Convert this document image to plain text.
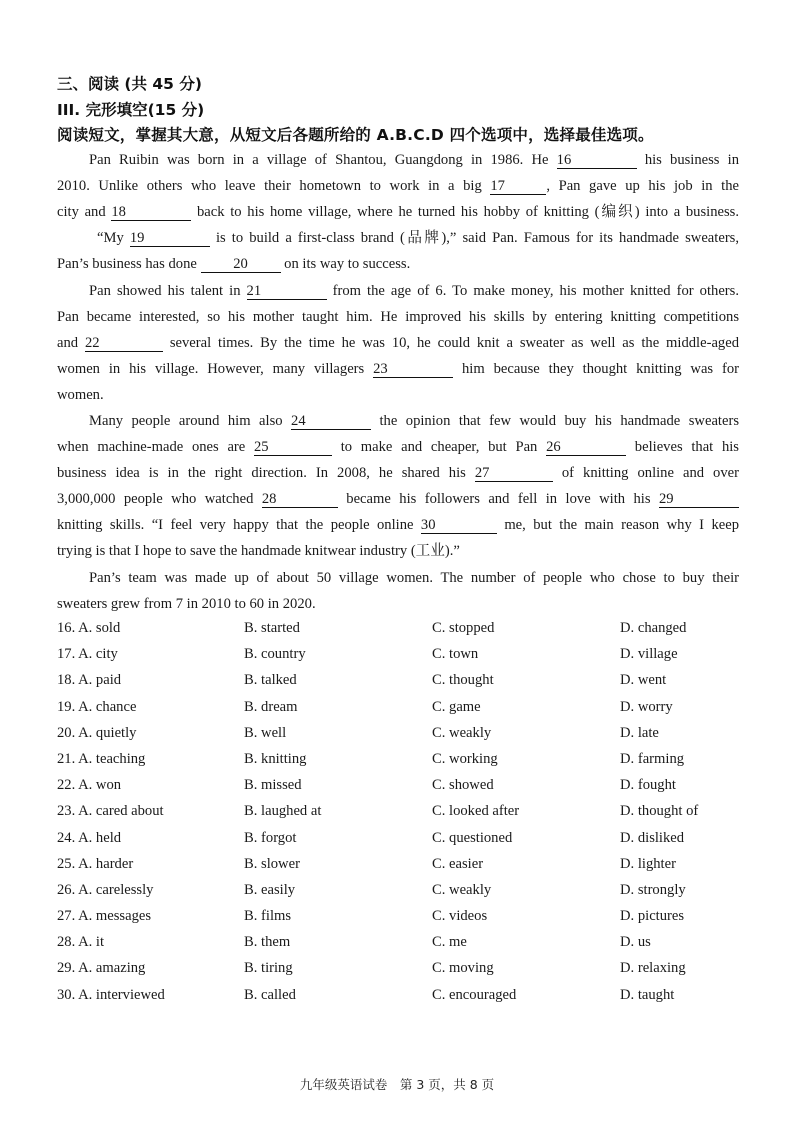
三、阅读 (共 45 分)
III. 完形填空(15 分)
阅读短文，掌握其大意，从短文后各题所给的 A.B.C.D 四个选项中，选择最佳选项。
Pan Ruibin was born in a village of Shantou, Guangdong in 1986. He 16	his business in
2010. Unlike others who leave their hometown to work in a big 17	, Pan gave up his job in the
city and 18	back to his home village, where he turned his hobby of knitting (编织) into a business.
“My 19	is to build a first-class brand (品牌),” said Pan. Famous for its handmade sweaters,
Pan’s business has done 20 on its way to success.
Pan showed his talent in 21	from the age of 6. To make money, his mother knitted for others.
Pan became interested, so his mother taught him. He improved his skills by entering knitting competitions
and 22	several times. By the time he was 10, he could knit a sweater as well as the middle-aged
women in his village. However, many villagers 23	him because they thought knitting was for
women.
Many people around him also 24	the opinion that few would buy his handmade sweaters
when machine-made ones are 25	to make and cheaper, but Pan 26	believes that his
business idea is in the right direction. In 2008, he shared his 27	of knitting online and over
3,000,000 people who watched 28	became his followers and fell in love with his 29
knitting skills. “I feel very happy that the people online 30	me, but the main reason why I keep
trying is that I hope to save the handmade knitwear industry (工业).”
Pan’s team was made up of about 50 village women. The number of people who chose to buy their
sweaters grew from 7 in 2010 to 60 in 2020.
16. A. sold	B. started	C. stopped	D. changed
17. A. city	B. country	C. town	D. village
18. A. paid	B. talked	C. thought	D. went
19. A. chance	B. dream	C. game	D. worry
20. A. quietly	B. well	C. weakly	D. late
21. A. teaching	B. knitting	C. working	D. farming
22. A. won	B. missed	C. showed	D. fought
23. A. cared about	B. laughed at	C. looked after	D. thought of
24. A. held	B. forgot	C. questioned	D. disliked
25. A. harder	B. slower	C. easier	D. lighter
26. A. carelessly	B. easily	C. weakly	D. strongly
27. A. messages	B. films	C. videos	D. pictures
28. A. it	B. them	C. me	D. us
29. A. amazing	B. tiring	C. moving	D. relaxing
30. A. interviewed	B. called	C. encouraged	D. taught
九年级英语试卷　第 3 页，共 8 页
